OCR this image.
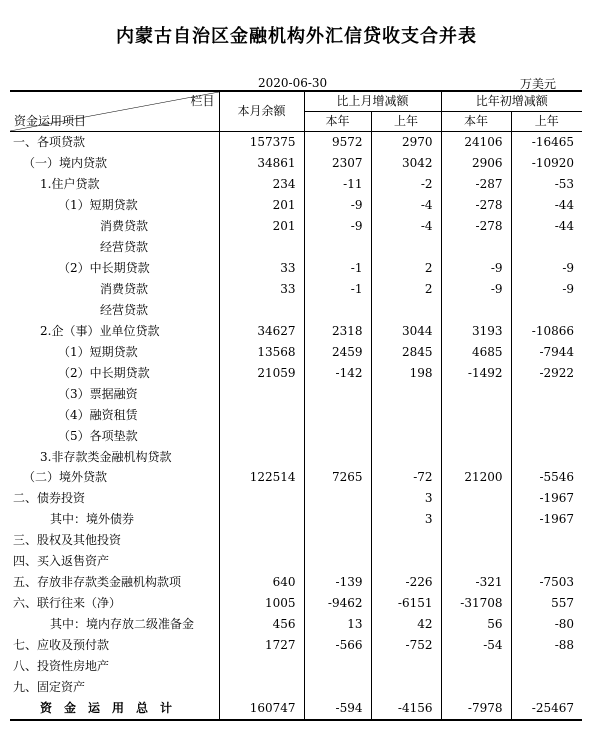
内蒙古自治区金融机构外汇信贷收支合并表
2020-06-30	万美元
栏目
资金运用项目	本月余额	比上月增减额		比年初增减额	
		本年	上年	本年	上年
一、各项贷款	157375	9572	2970	24106	-16465
（一）境内贷款	34861	2307	3042	2906	-10920
1.住户贷款	234	-11	-2	-287	-53
（1）短期贷款	201	-9	-4	-278	-44
消费贷款	201	-9	-4	-278	-44
经营贷款					
（2）中长期贷款	33	-1	2	-9	-9
消费贷款	33	-1	2	-9	-9
经营贷款					
2.企（事）业单位贷款	34627	2318	3044	3193	-10866
（1）短期贷款	13568	2459	2845	4685	-7944
（2）中长期贷款	21059	-142	198	-1492	-2922
（3）票据融资					
（4）融资租赁					
（5）各项垫款					
3.非存款类金融机构贷款					
（二）境外贷款	122514	7265	-72	21200	-5546
二、债券投资			3		-1967
其中：境外债券			3		-1967
三、股权及其他投资					
四、买入返售资产					
五、存放非存款类金融机构款项	640	-139	-226	-321	-7503
六、联行往来（净）	1005	-9462	-6151	-31708	557
其中：境内存放二级准备金	456	13	42	56	-80
七、应收及预付款	1727	-566	-752	-54	-88
八、投资性房地产					
九、固定资产					
资金运用总计	160747	-594	-4156	-7978	-25467
